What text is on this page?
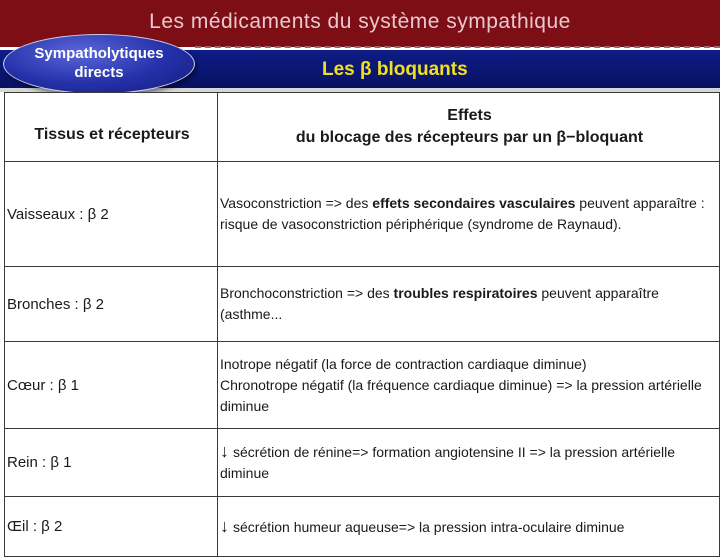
Les médicaments du système sympathique
Les β bloquants
Sympatholytiques
directs
Tissus et récepteurs	Effets
du blocage des récepteurs par un β−bloquant

Vaisseaux : β 2	Vasoconstriction => des effets secondaires vasculaires peuvent apparaître :
risque de vasoconstriction périphérique (syndrome de Raynaud).
Bronches : β 2	Bronchoconstriction => des troubles respiratoires peuvent apparaître (asthme...
Cœur : β 1	Inotrope négatif (la force de contraction cardiaque diminue)
Chronotrope négatif (la fréquence cardiaque diminue) => la pression artérielle
diminue
Rein : β 1	↓ sécrétion de rénine=> formation angiotensine II => la pression artérielle
diminue
Œil : β 2	↓ sécrétion humeur aqueuse=> la pression intra-oculaire diminue
